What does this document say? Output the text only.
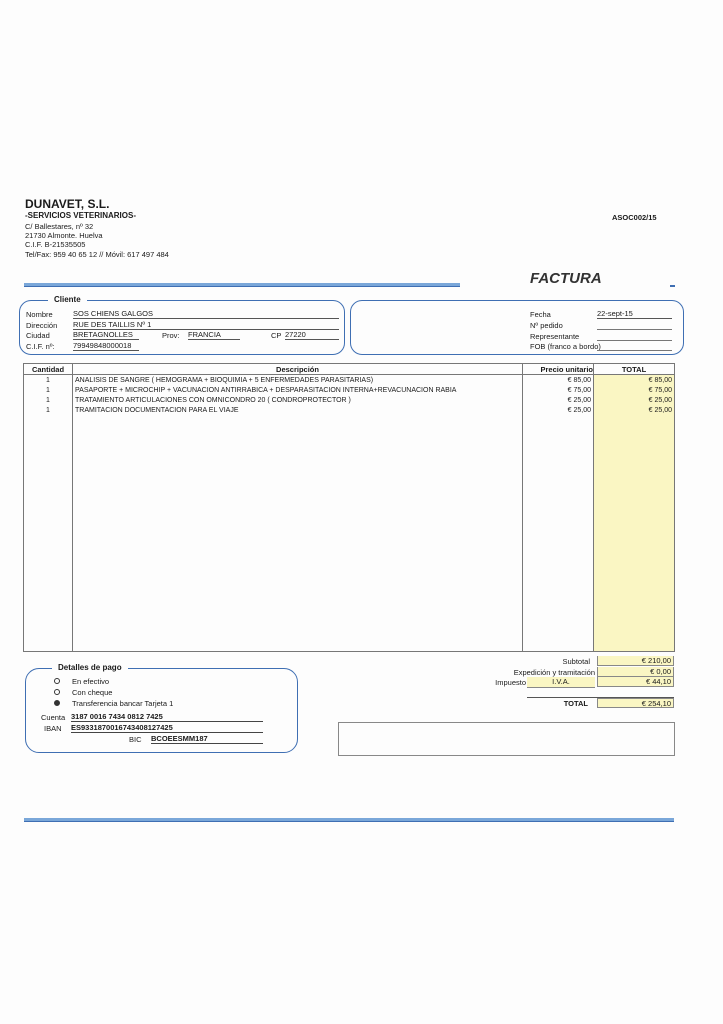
DUNAVET, S.L.
-SERVICIOS VETERINARIOS-
C/ Ballestares, nº 32
21730 Almonte. Huelva
C.I.F. B-21535505
Tel/Fax: 959 40 65 12 // Móvil: 617 497 484
ASOC002/15
FACTURA
Cliente
Nombre	SOS CHIENS GALGOS
Dirección RUE DES TAILLIS Nº 1
Ciudad	BRETAGNOLLES	Prov: FRANCIA	CP 27220
C.I.F. nº: 79949848000018
Fecha	22-sept-15
Nº pedido
Representante
FOB (franco a bordo)
Cantidad	Descripción	Precio unitario	TOTAL
1	ANALISIS DE SANGRE ( HEMOGRAMA + BIOQUIMIA + 5 ENFERMEDADES PARASITARIAS)	€ 85,00	€ 85,00
1	PASAPORTE + MICROCHIP + VACUNACION ANTIRRABICA + DESPARASITACION INTERNA+REVACUNACION RABIA	€ 75,00	€ 75,00
1	TRATAMIENTO ARTICULACIONES CON OMNICONDRO 20 ( CONDROPROTECTOR )	€ 25,00	€ 25,00
1	TRAMITACION DOCUMENTACION PARA EL VIAJE	€ 25,00	€ 25,00

Subtotal	€ 210,00
Expedición y tramitación	€ 0,00
Impuesto	I.V.A.	€ 44,10
TOTAL	€ 254,10
Detalles de pago
En efectivo
Con cheque
Transferencia bancar Tarjeta 1
Cuenta 3187 0016 7434 0812 7425
IBAN ES9331870016743408127425
BIC BCOEESMM187
